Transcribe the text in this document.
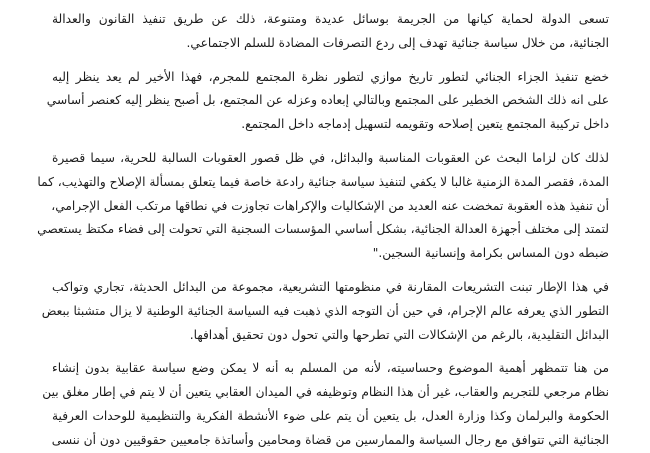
تسعى الدولة لحماية كيانها من الجريمة بوسائل عديدة ومتنوعة، ذلك عن طريق تنفيذ القانون والعدالة
الجنائية، من خلال سياسة جنائية تهدف إلى ردع التصرفات المضادة للسلم الاجتماعي.

خضع تنفيذ الجزاء الجنائي لتطور تاريخ موازي لتطور نظرة المجتمع للمجرم، فهذا الأخير لم يعد ينظر إليه
على انه ذلك الشخص الخطير على المجتمع وبالتالي إبعاده وعزله عن المجتمع، بل أصبح ينظر إليه كعنصر أساسي
داخل تركيبة المجتمع يتعين إصلاحه وتقويمه لتسهيل إدماجه داخل المجتمع.

لذلك كان لزاما البحث عن العقوبات المناسبة والبدائل، في ظل قصور العقوبات السالبة للحرية، سيما قصيرة
المدة، فقصر المدة الزمنية غالبا لا يكفي لتنفيذ سياسة جنائية رادعة خاصة فيما يتعلق بمسألة الإصلاح والتهذيب، كما
أن تنفيذ هذه العقوبة تمخضت عنه العديد من الإشكاليات والإكراهات تجاوزت في نطاقها مرتكب الفعل الإجرامي،
لتمتد إلى مختلف أجهزة العدالة الجنائية، بشكل أساسي المؤسسات السجنية التي تحولت إلى فضاء مكتظ يستعصي
ضبطه دون المساس بكرامة وإنسانية السجين."

في هذا الإطار تبنت التشريعات المقارنة في منظومتها التشريعية، مجموعة من البدائل الحديثة، تجاري وتواكب
التطور الذي يعرفه عالم الإجرام، في حين أن التوجه الذي ذهبت فيه السياسة الجنائية الوطنية لا يزال متشبثا ببعض
البدائل التقليدية، بالرغم من الإشكالات التي تطرحها والتي تحول دون تحقيق أهدافها.

من هنا تتمظهر أهمية الموضوع وحساسيته، لأنه من المسلم به أنه لا يمكن وضع سياسة عقابية بدون إنشاء
نظام مرجعي للتجريم والعقاب، غير أن هذا النظام وتوظيفه في الميدان العقابي يتعين أن لا يتم في إطار مغلق بين
الحكومة والبرلمان وكذا وزارة العدل، بل يتعين أن يتم على ضوء الأنشطة الفكرية والتنظيمية للوحدات العرفية
الجنائية التي تتوافق مع رجال السياسة والممارسين من قضاة ومحامين وأساتذة جامعيين حقوقيين دون أن ننسى
